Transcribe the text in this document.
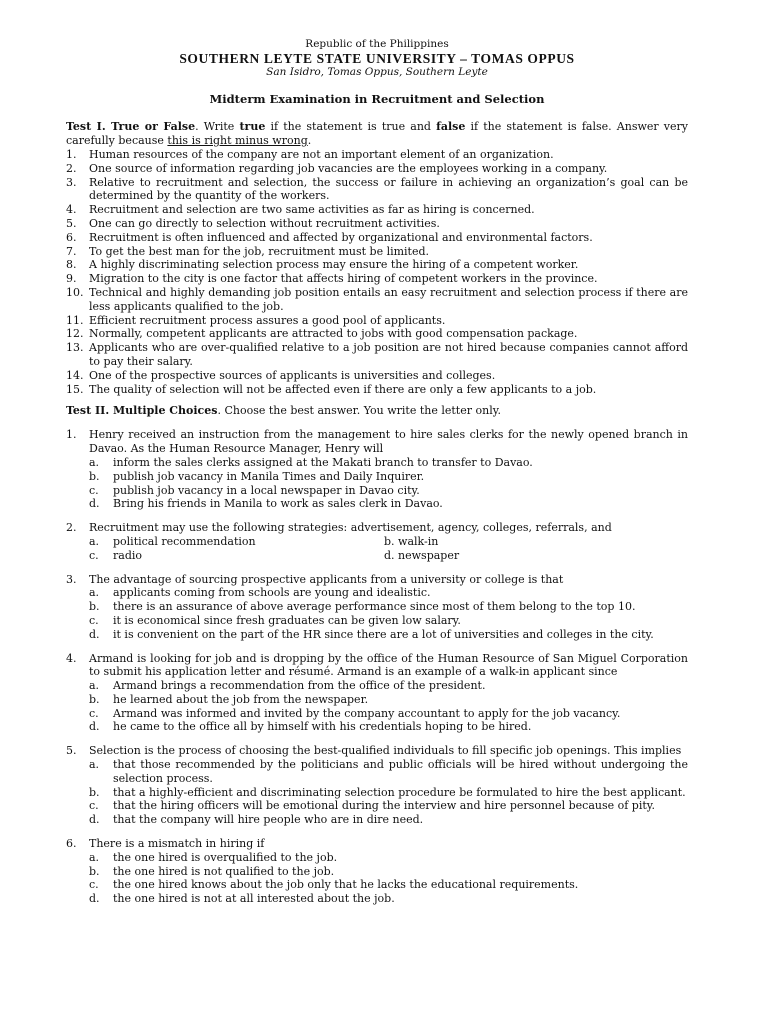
Republic of the Philippines
SOUTHERN LEYTE STATE UNIVERSITY – TOMAS OPPUS
San Isidro, Tomas Oppus, Southern Leyte
Midterm Examination in Recruitment and Selection
Test I. True or False. Write true if the statement is true and false if the statement is false. Answer very carefully because this is right minus wrong.
1.	Human resources of the company are not an important element of an organization.
2.	One source of information regarding job vacancies are the employees working in a company.
3.	Relative to recruitment and selection, the success or failure in achieving an organization’s goal can be determined by the quantity of the workers.
4.	Recruitment and selection are two same activities as far as hiring is concerned.
5.	One can go directly to selection without recruitment activities.
6.	Recruitment is often influenced and affected by organizational and environmental factors.
7.	To get the best man for the job, recruitment must be limited.
8.	A highly discriminating selection process may ensure the hiring of a competent worker.
9.	Migration to the city is one factor that affects hiring of competent workers in the province.
10. Technical and highly demanding job position entails an easy recruitment and selection process if there are less applicants qualified to the job.
11. Efficient recruitment process assures a good pool of applicants.
12. Normally, competent applicants are attracted to jobs with good compensation package.
13. Applicants who are over-qualified relative to a job position are not hired because companies cannot afford to pay their salary.
14. One of the prospective sources of applicants is universities and colleges.
15. The quality of selection will not be affected even if there are only a few applicants to a job.
Test II. Multiple Choices. Choose the best answer. You write the letter only.
1.	Henry received an instruction from the management to hire sales clerks for the newly opened branch in Davao. As the Human Resource Manager, Henry will
a.	inform the sales clerks assigned at the Makati branch to transfer to Davao.
b.	publish job vacancy in Manila Times and Daily Inquirer.
c.	publish job vacancy in a local newspaper in Davao city.
d.	Bring his friends in Manila to work as sales clerk in Davao.
2.	Recruitment may use the following strategies: advertisement, agency, colleges, referrals, and
a.	political recommendation	b. walk-in
c.	radio	d. newspaper
3.	The advantage of sourcing prospective applicants from a university or college is that
a.	applicants coming from schools are young and idealistic.
b.	there is an assurance of above average performance since most of them belong to the top 10.
c.	it is economical since fresh graduates can be given low salary.
d.	it is convenient on the part of the HR since there are a lot of universities and colleges in the city.
4.	Armand is looking for job and is dropping by the office of the Human Resource of San Miguel Corporation to submit his application letter and résumé. Armand is an example of a walk-in applicant since
a.	Armand brings a recommendation from the office of the president.
b.	he learned about the job from the newspaper.
c.	Armand was informed and invited by the company accountant to apply for the job vacancy.
d.	he came to the office all by himself with his credentials hoping to be hired.
5.	Selection is the process of choosing the best-qualified individuals to fill specific job openings. This implies
a.	that those recommended by the politicians and public officials will be hired without undergoing the selection process.
b.	that a highly-efficient and discriminating selection procedure be formulated to hire the best applicant.
c.	that the hiring officers will be emotional during the interview and hire personnel because of pity.
d.	that the company will hire people who are in dire need.
6.	There is a mismatch in hiring if
a.	the one hired is overqualified to the job.
b.	the one hired is not qualified to the job.
c.	the one hired knows about the job only that he lacks the educational requirements.
d.	the one hired is not at all interested about the job.
